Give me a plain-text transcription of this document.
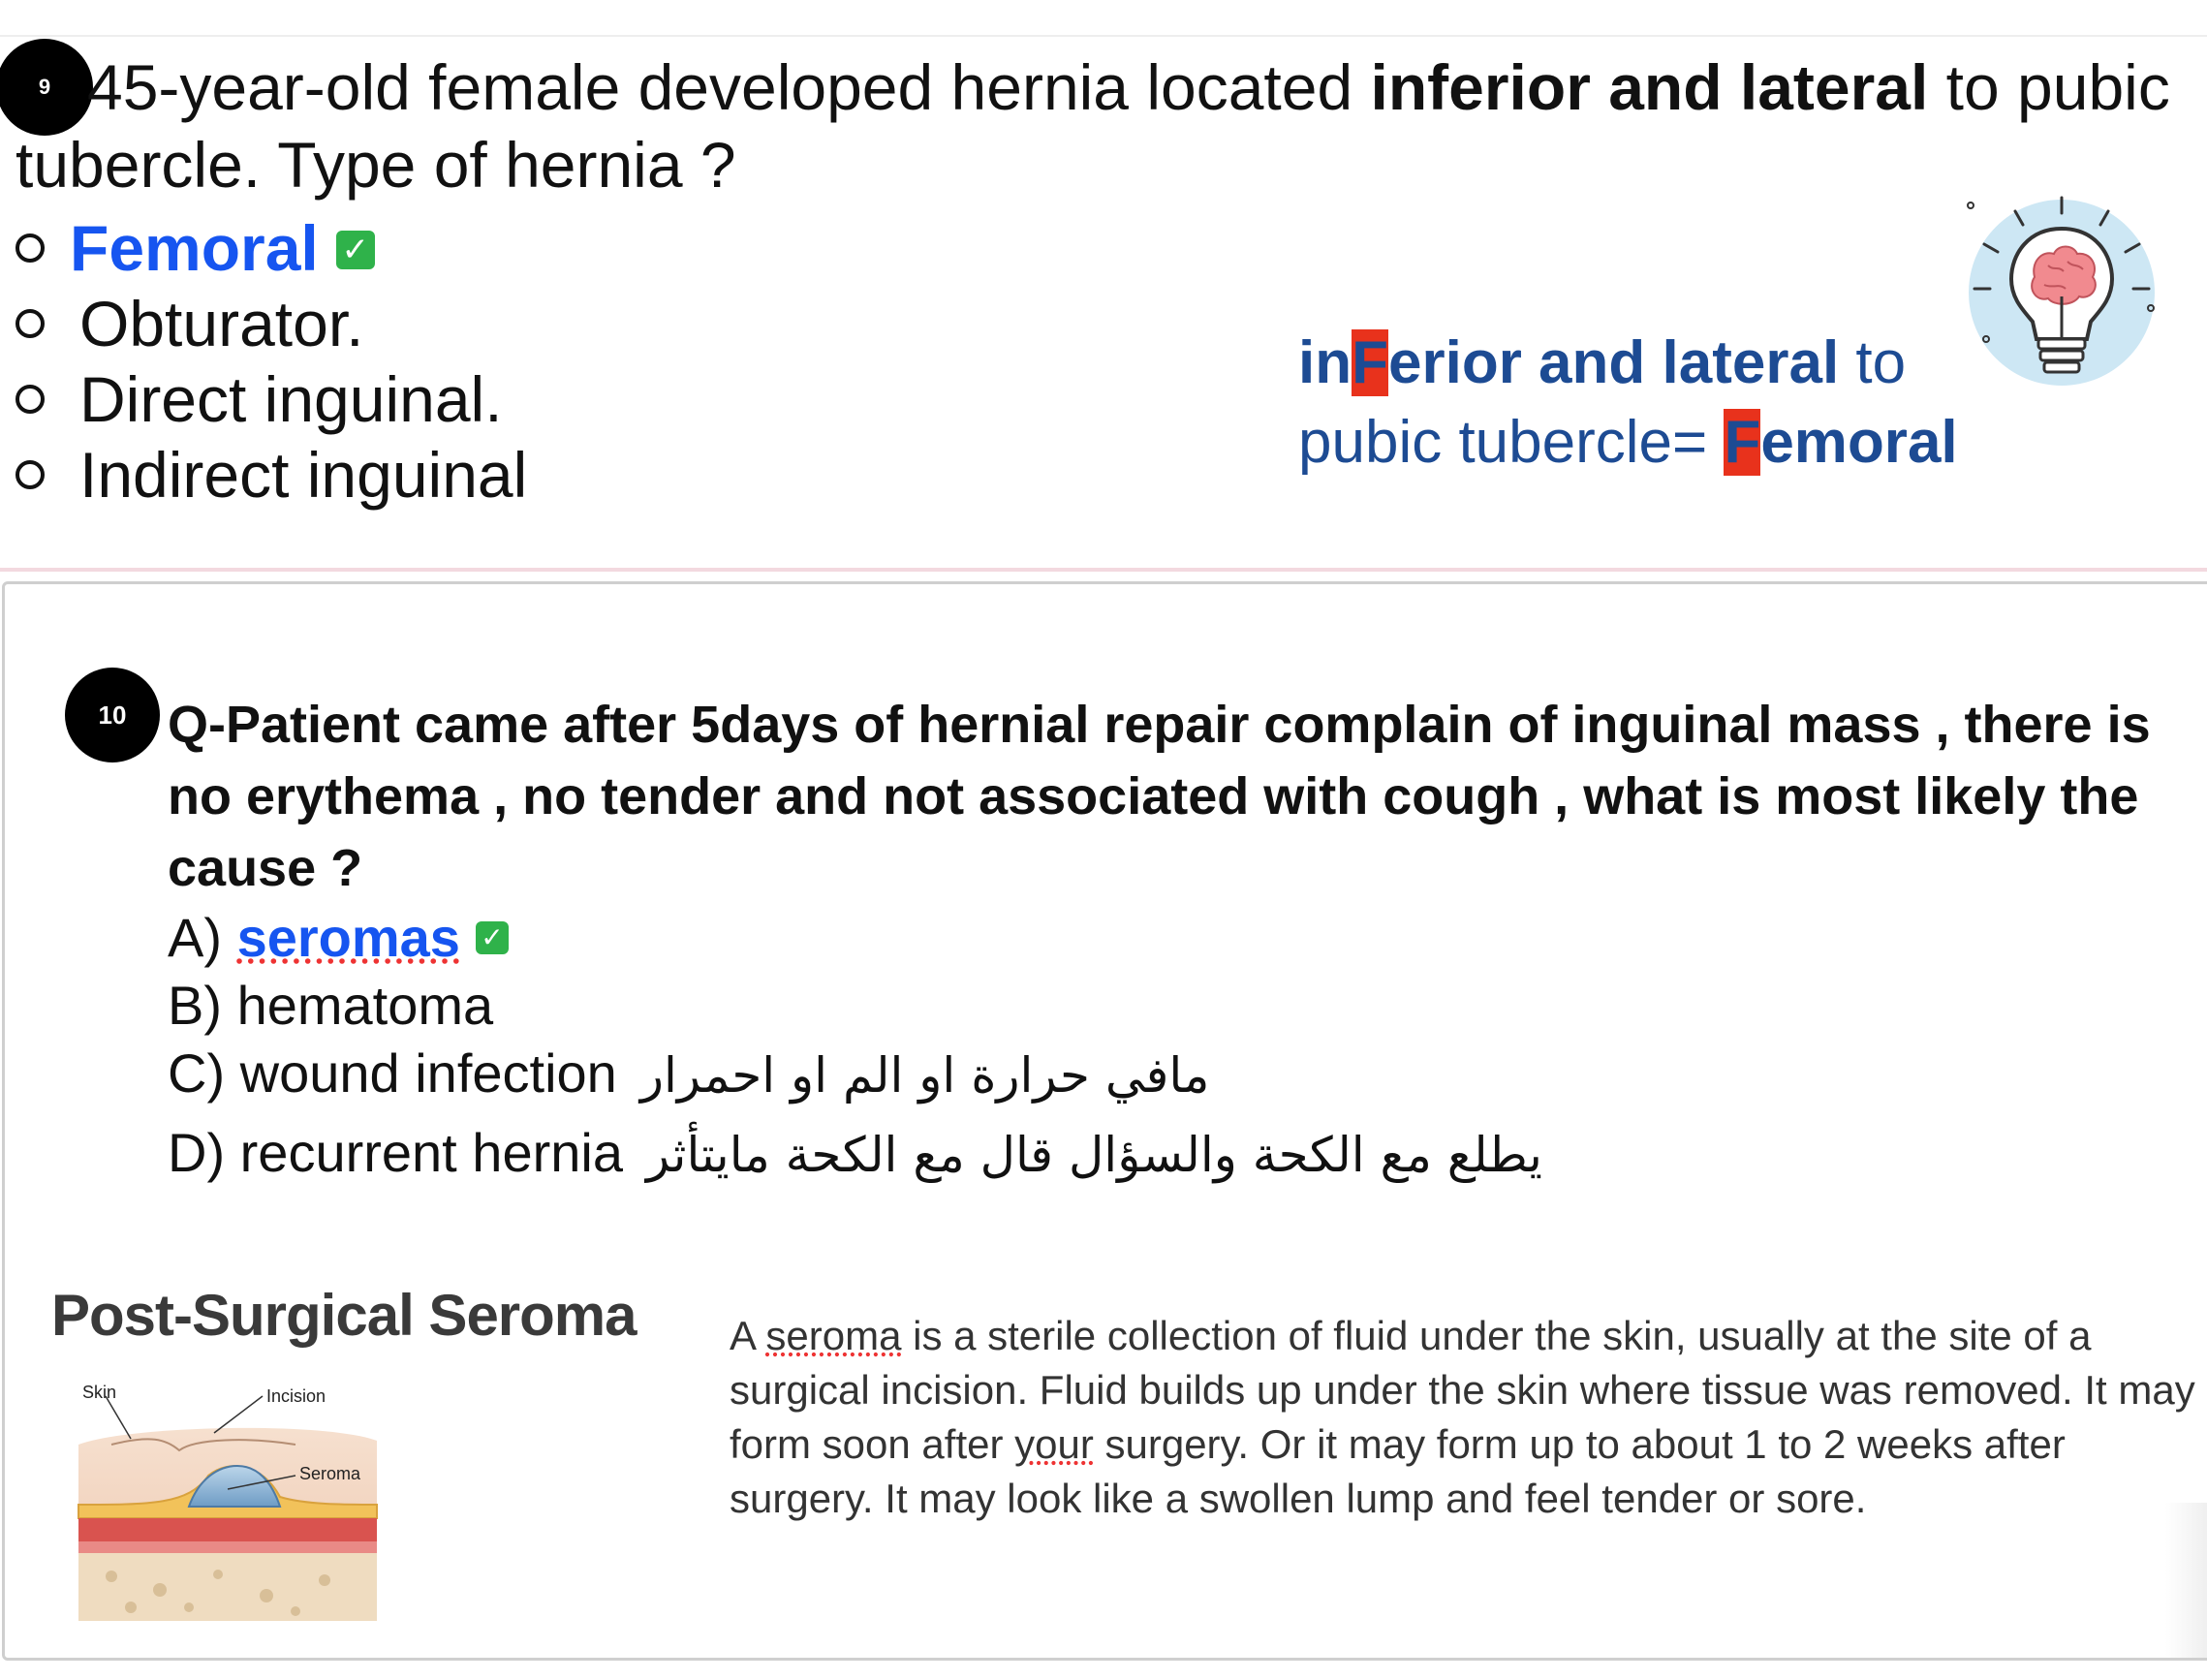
9 45-year-old female developed hernia located inferior and lateral to pubic tubercle. Type of hernia ?
Femoral ✓
Obturator.
Direct inguinal.
Indirect inguinal
inFerior and lateral to
pubic tubercle= Femoral
10 Q-Patient came after 5days of hernial repair complain of inguinal mass , there is no erythema , no tender and not associated with cough , what is most likely the cause ?
A) seromas ✓
B) hematoma
C) wound infection مافي حرارة او الم او احمرار
D) recurrent hernia يطلع مع الكحة والسؤال قال مع الكحة مايتأثر
Post-Surgical Seroma
Skin	Incision
Seroma
A seroma is a sterile collection of fluid under the skin, usually at the site of a surgical incision. Fluid builds up under the skin where tissue was removed. It may form soon after your surgery. Or it may form up to about 1 to 2 weeks after surgery. It may look like a swollen lump and feel tender or sore.
